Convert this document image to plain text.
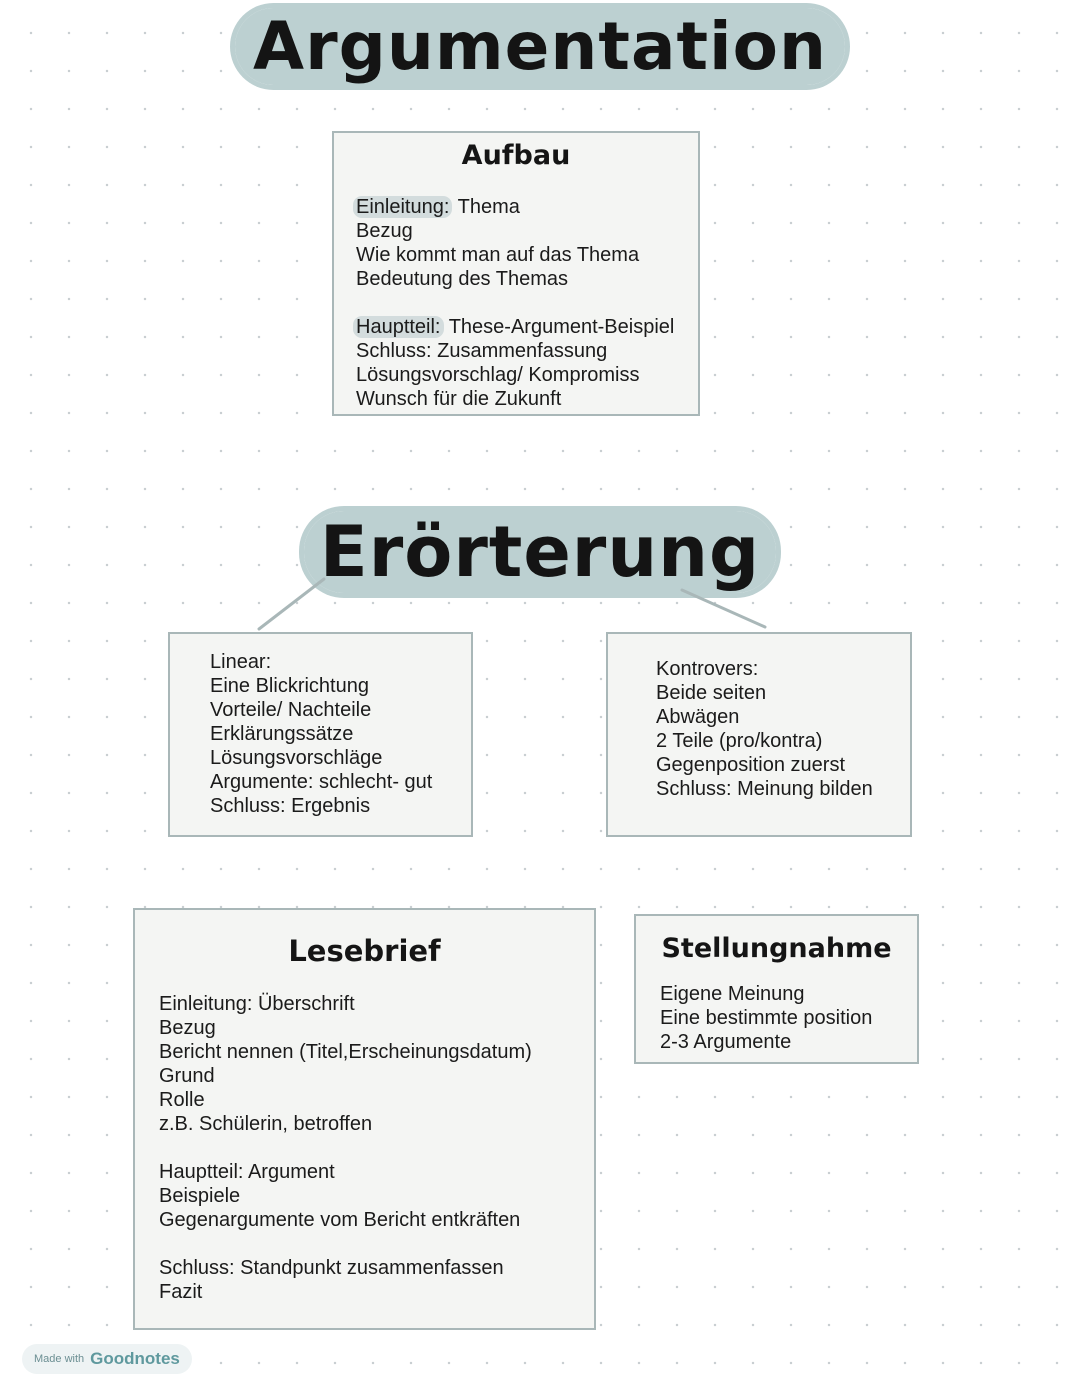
Argumentation
Aufbau

Einleitung: Thema

Bezug

Wie kommt man auf das Thema

Bedeutung des Themas

Hauptteil: These-Argument-Beispiel

Schluss: Zusammenfassung

Lösungsvorschlag/ Kompromiss

Wunsch für die Zukunft

Erörterung

Linear:

Eine Blickrichtung

Vorteile/ Nachteile

Erklärungssätze

Lösungsvorschläge

Argumente: schlecht- gut

Schluss: Ergebnis

Kontrovers:

Beide seiten

Abwägen

2 Teile (pro/kontra)

Gegenposition zuerst

Schluss: Meinung bilden

Lesebrief

Einleitung: Überschrift

Bezug

Bericht nennen (Titel,Erscheinungsdatum)

Grund

Rolle

z.B. Schülerin, betroffen

Hauptteil: Argument

Beispiele

Gegenargumente vom Bericht entkräften

Schluss: Standpunkt zusammenfassen

Fazit

Stellungnahme

Eigene Meinung

Eine bestimmte position

2-3 Argumente

Made with Goodnotes
